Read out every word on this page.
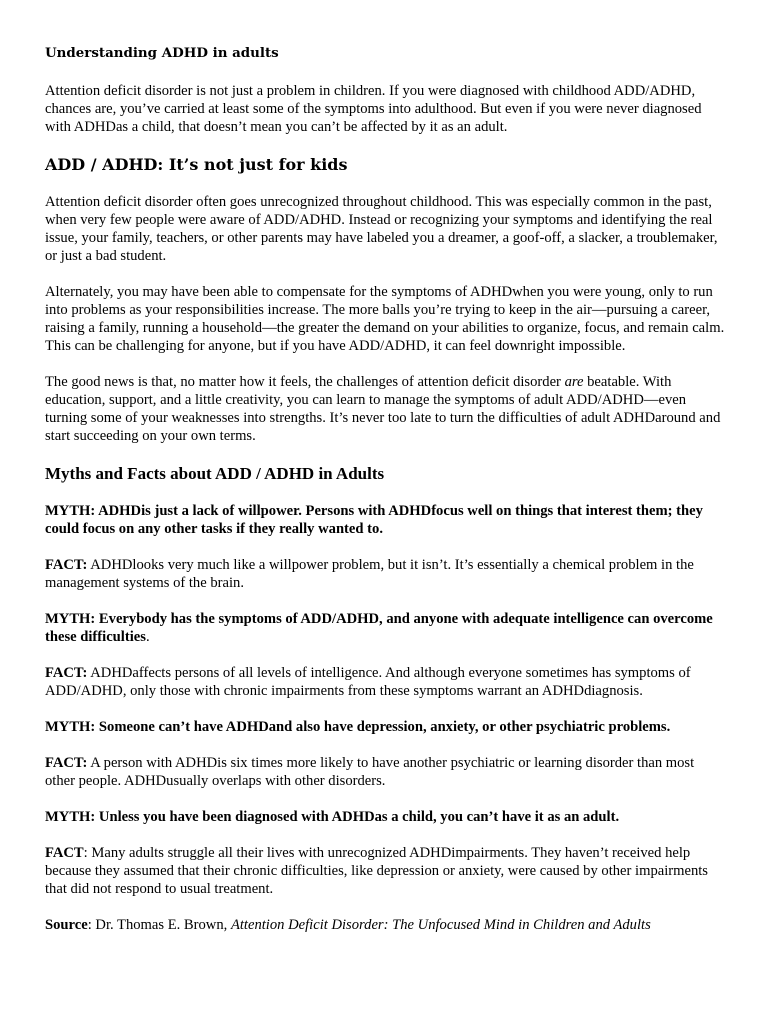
Understanding ADHD in adults

Attention deficit disorder is not just a problem in children. If you were diagnosed with childhood ADD/ADHD, chances are, you’ve carried at least some of the symptoms into adulthood. But even if you were never diagnosed with ADHDas a child, that doesn’t mean you can’t be affected by it as an adult.

ADD / ADHD: It’s not just for kids

Attention deficit disorder often goes unrecognized throughout childhood. This was especially common in the past, when very few people were aware of ADD/ADHD. Instead or recognizing your symptoms and identifying the real issue, your family, teachers, or other parents may have labeled you a dreamer, a goof-off, a slacker, a troublemaker, or just a bad student.

Alternately, you may have been able to compensate for the symptoms of ADHDwhen you were young, only to run into problems as your responsibilities increase. The more balls you’re trying to keep in the air—pursuing a career, raising a family, running a household—the greater the demand on your abilities to organize, focus, and remain calm. This can be challenging for anyone, but if you have ADD/ADHD, it can feel downright impossible.

The good news is that, no matter how it feels, the challenges of attention deficit disorder are beatable. With education, support, and a little creativity, you can learn to manage the symptoms of adult ADD/ADHD—even turning some of your weaknesses into strengths. It’s never too late to turn the difficulties of adult ADHDaround and start succeeding on your own terms.

Myths and Facts about ADD / ADHD in Adults

MYTH: ADHDis just a lack of willpower. Persons with ADHDfocus well on things that interest them; they could focus on any other tasks if they really wanted to.

FACT: ADHDlooks very much like a willpower problem, but it isn’t. It’s essentially a chemical problem in the management systems of the brain.

MYTH: Everybody has the symptoms of ADD/ADHD, and anyone with adequate intelligence can overcome these difficulties.

FACT: ADHDaffects persons of all levels of intelligence. And although everyone sometimes has symptoms of ADD/ADHD, only those with chronic impairments from these symptoms warrant an ADHDdiagnosis.

MYTH: Someone can’t have ADHDand also have depression, anxiety, or other psychiatric problems.

FACT: A person with ADHDis six times more likely to have another psychiatric or learning disorder than most other people. ADHDusually overlaps with other disorders.

MYTH: Unless you have been diagnosed with ADHDas a child, you can’t have it as an adult.

FACT: Many adults struggle all their lives with unrecognized ADHDimpairments. They haven’t received help because they assumed that their chronic difficulties, like depression or anxiety, were caused by other impairments that did not respond to usual treatment.

Source: Dr. Thomas E. Brown, Attention Deficit Disorder: The Unfocused Mind in Children and Adults
